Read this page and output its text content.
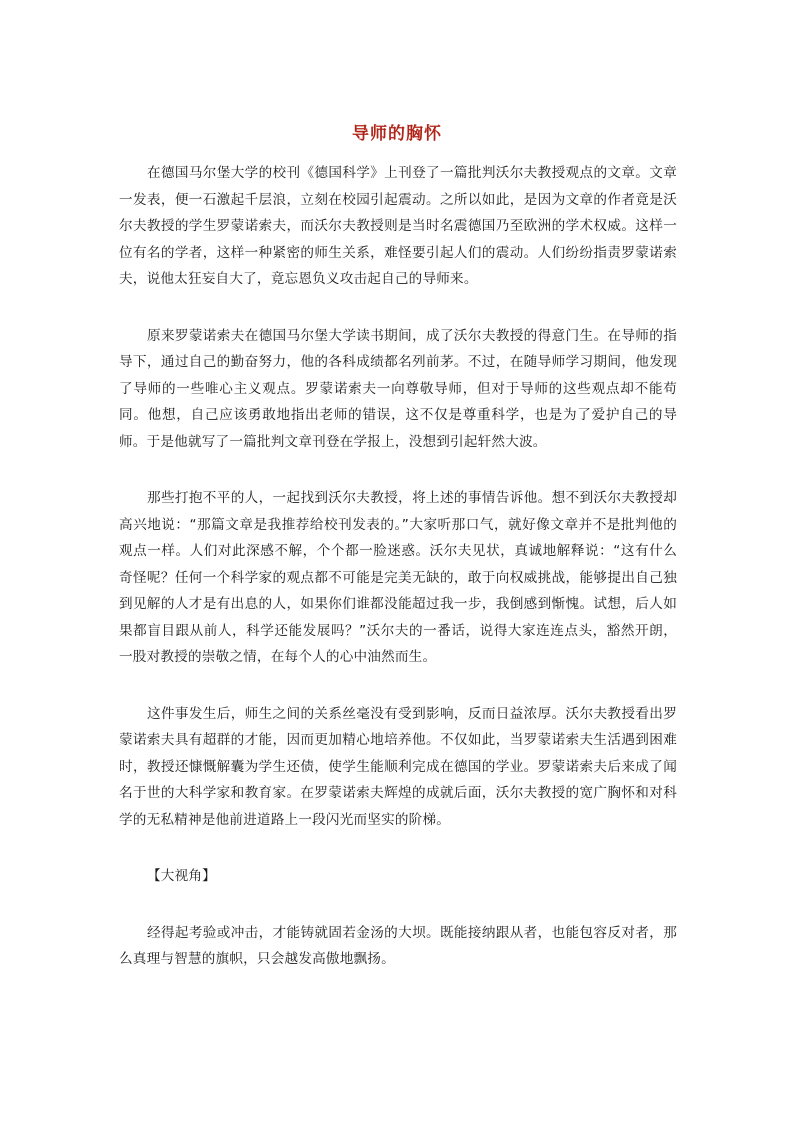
导师的胸怀

在德国马尔堡大学的校刊《德国科学》上刊登了一篇批判沃尔夫教授观点的文章。文章一发表，便一石激起千层浪，立刻在校园引起震动。之所以如此，是因为文章的作者竟是沃尔夫教授的学生罗蒙诺索夫，而沃尔夫教授则是当时名震德国乃至欧洲的学术权威。这样一位有名的学者，这样一种紧密的师生关系，难怪要引起人们的震动。人们纷纷指责罗蒙诺索夫，说他太狂妄自大了，竟忘恩负义攻击起自己的导师来。

原来罗蒙诺索夫在德国马尔堡大学读书期间，成了沃尔夫教授的得意门生。在导师的指导下，通过自己的勤奋努力，他的各科成绩都名列前茅。不过，在随导师学习期间，他发现了导师的一些唯心主义观点。罗蒙诺索夫一向尊敬导师，但对于导师的这些观点却不能苟同。他想，自己应该勇敢地指出老师的错误，这不仅是尊重科学，也是为了爱护自己的导师。于是他就写了一篇批判文章刊登在学报上，没想到引起轩然大波。

那些打抱不平的人，一起找到沃尔夫教授，将上述的事情告诉他。想不到沃尔夫教授却高兴地说：“那篇文章是我推荐给校刊发表的。”大家听那口气，就好像文章并不是批判他的观点一样。人们对此深感不解，个个都一脸迷惑。沃尔夫见状，真诚地解释说：“这有什么奇怪呢？任何一个科学家的观点都不可能是完美无缺的，敢于向权威挑战，能够提出自己独到见解的人才是有出息的人，如果你们谁都没能超过我一步，我倒感到惭愧。试想，后人如果都盲目跟从前人，科学还能发展吗？”沃尔夫的一番话，说得大家连连点头，豁然开朗，一股对教授的崇敬之情，在每个人的心中油然而生。

这件事发生后，师生之间的关系丝毫没有受到影响，反而日益浓厚。沃尔夫教授看出罗蒙诺索夫具有超群的才能，因而更加精心地培养他。不仅如此，当罗蒙诺索夫生活遇到困难时，教授还慷慨解囊为学生还债，使学生能顺利完成在德国的学业。罗蒙诺索夫后来成了闻名于世的大科学家和教育家。在罗蒙诺索夫辉煌的成就后面，沃尔夫教授的宽广胸怀和对科学的无私精神是他前进道路上一段闪光而坚实的阶梯。

【大视角】

经得起考验或冲击，才能铸就固若金汤的大坝。既能接纳跟从者，也能包容反对者，那么真理与智慧的旗帜，只会越发高傲地飘扬。
